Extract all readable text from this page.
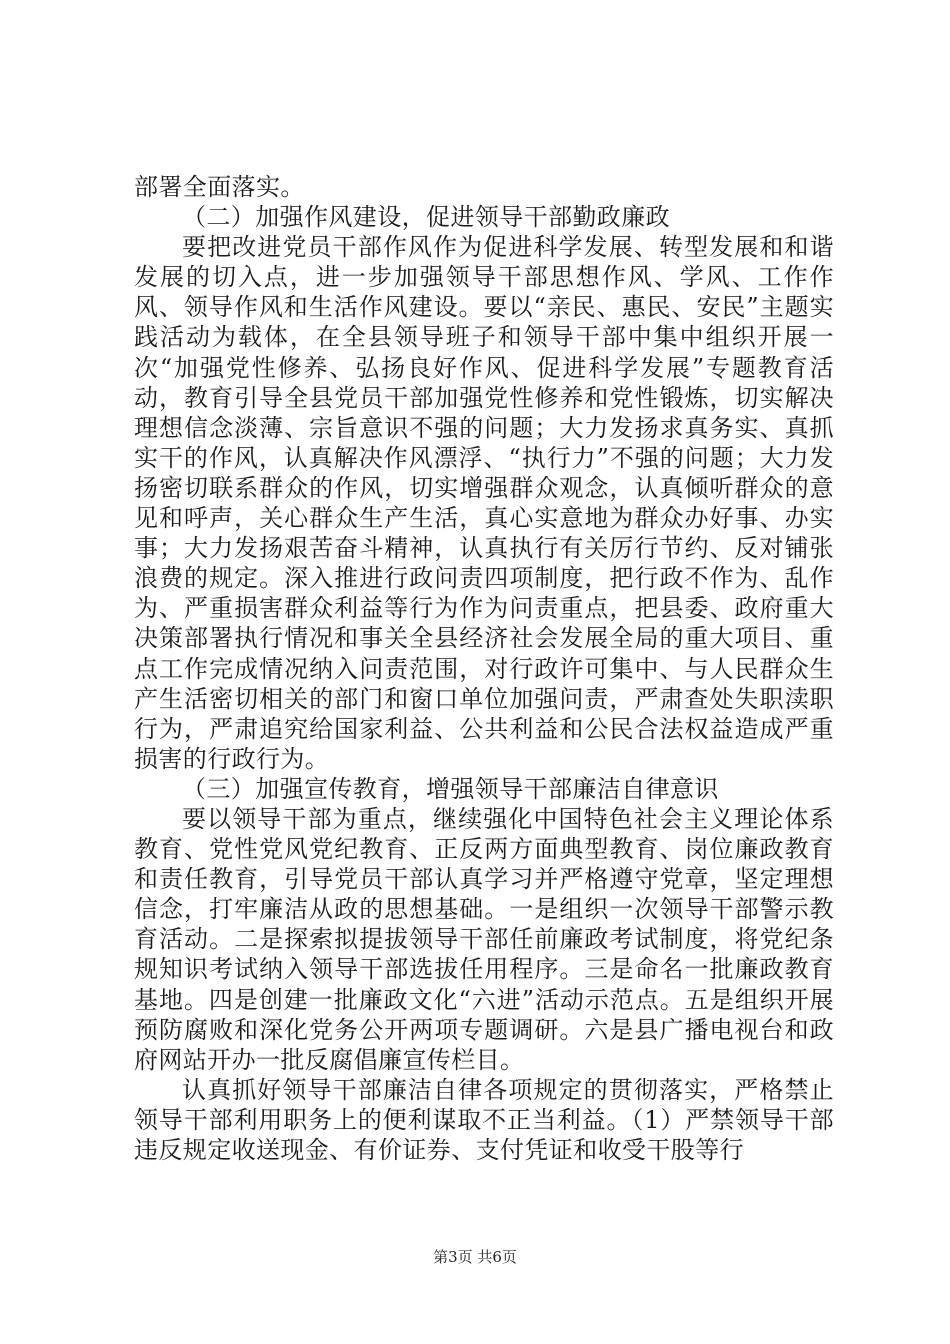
部署全面落实。

（二）加强作风建设，促进领导干部勤政廉政

要把改进党员干部作风作为促进科学发展、转型发展和和谐发展的切入点，进一步加强领导干部思想作风、学风、工作作风、领导作风和生活作风建设。要以“亲民、惠民、安民”主题实践活动为载体，在全县领导班子和领导干部中集中组织开展一次“加强党性修养、弘扬良好作风、促进科学发展”专题教育活动，教育引导全县党员干部加强党性修养和党性锻炼，切实解决理想信念淡薄、宗旨意识不强的问题；大力发扬求真务实、真抓实干的作风，认真解决作风漂浮、“执行力”不强的问题；大力发扬密切联系群众的作风，切实增强群众观念，认真倾听群众的意见和呼声，关心群众生产生活，真心实意地为群众办好事、办实事；大力发扬艰苦奋斗精神，认真执行有关厉行节约、反对铺张浪费的规定。深入推进行政问责四项制度，把行政不作为、乱作为、严重损害群众利益等行为作为问责重点，把县委、政府重大决策部署执行情况和事关全县经济社会发展全局的重大项目、重点工作完成情况纳入问责范围，对行政许可集中、与人民群众生产生活密切相关的部门和窗口单位加强问责，严肃查处失职渎职行为，严肃追究给国家利益、公共利益和公民合法权益造成严重损害的行政行为。

（三）加强宣传教育，增强领导干部廉洁自律意识

要以领导干部为重点，继续强化中国特色社会主义理论体系教育、党性党风党纪教育、正反两方面典型教育、岗位廉政教育和责任教育，引导党员干部认真学习并严格遵守党章，坚定理想信念，打牢廉洁从政的思想基础。一是组织一次领导干部警示教育活动。二是探索拟提拔领导干部任前廉政考试制度，将党纪条规知识考试纳入领导干部选拔任用程序。三是命名一批廉政教育基地。四是创建一批廉政文化“六进”活动示范点。五是组织开展预防腐败和深化党务公开两项专题调研。六是县广播电视台和政府网站开办一批反腐倡廉宣传栏目。

认真抓好领导干部廉洁自律各项规定的贯彻落实，严格禁止领导干部利用职务上的便利谋取不正当利益。（1）严禁领导干部违反规定收送现金、有价证券、支付凭证和收受干股等行

第3页 共6页
